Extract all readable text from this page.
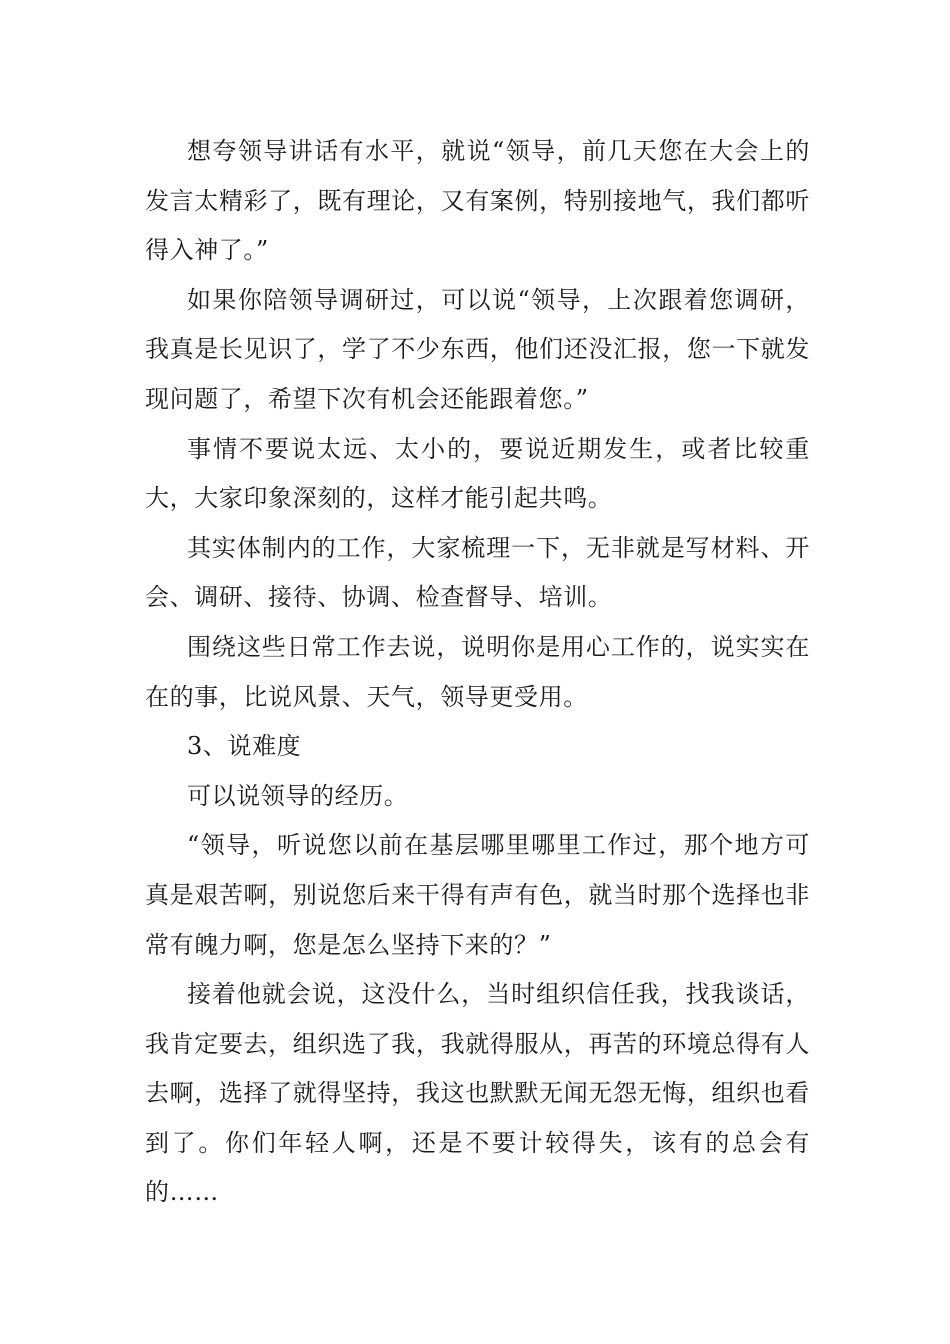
想夸领导讲话有水平，就说“领导，前几天您在大会上的发言太精彩了，既有理论，又有案例，特别接地气，我们都听得入神了。”

如果你陪领导调研过，可以说“领导，上次跟着您调研，我真是长见识了，学了不少东西，他们还没汇报，您一下就发现问题了，希望下次有机会还能跟着您。”

事情不要说太远、太小的，要说近期发生，或者比较重大，大家印象深刻的，这样才能引起共鸣。

其实体制内的工作，大家梳理一下，无非就是写材料、开会、调研、接待、协调、检查督导、培训。

围绕这些日常工作去说，说明你是用心工作的，说实实在在的事，比说风景、天气，领导更受用。

3、说难度

可以说领导的经历。

“领导，听说您以前在基层哪里哪里工作过，那个地方可真是艰苦啊，别说您后来干得有声有色，就当时那个选择也非常有魄力啊，您是怎么坚持下来的？”

接着他就会说，这没什么，当时组织信任我，找我谈话，我肯定要去，组织选了我，我就得服从，再苦的环境总得有人去啊，选择了就得坚持，我这也默默无闻无怨无悔，组织也看到了。你们年轻人啊，还是不要计较得失，该有的总会有的……
